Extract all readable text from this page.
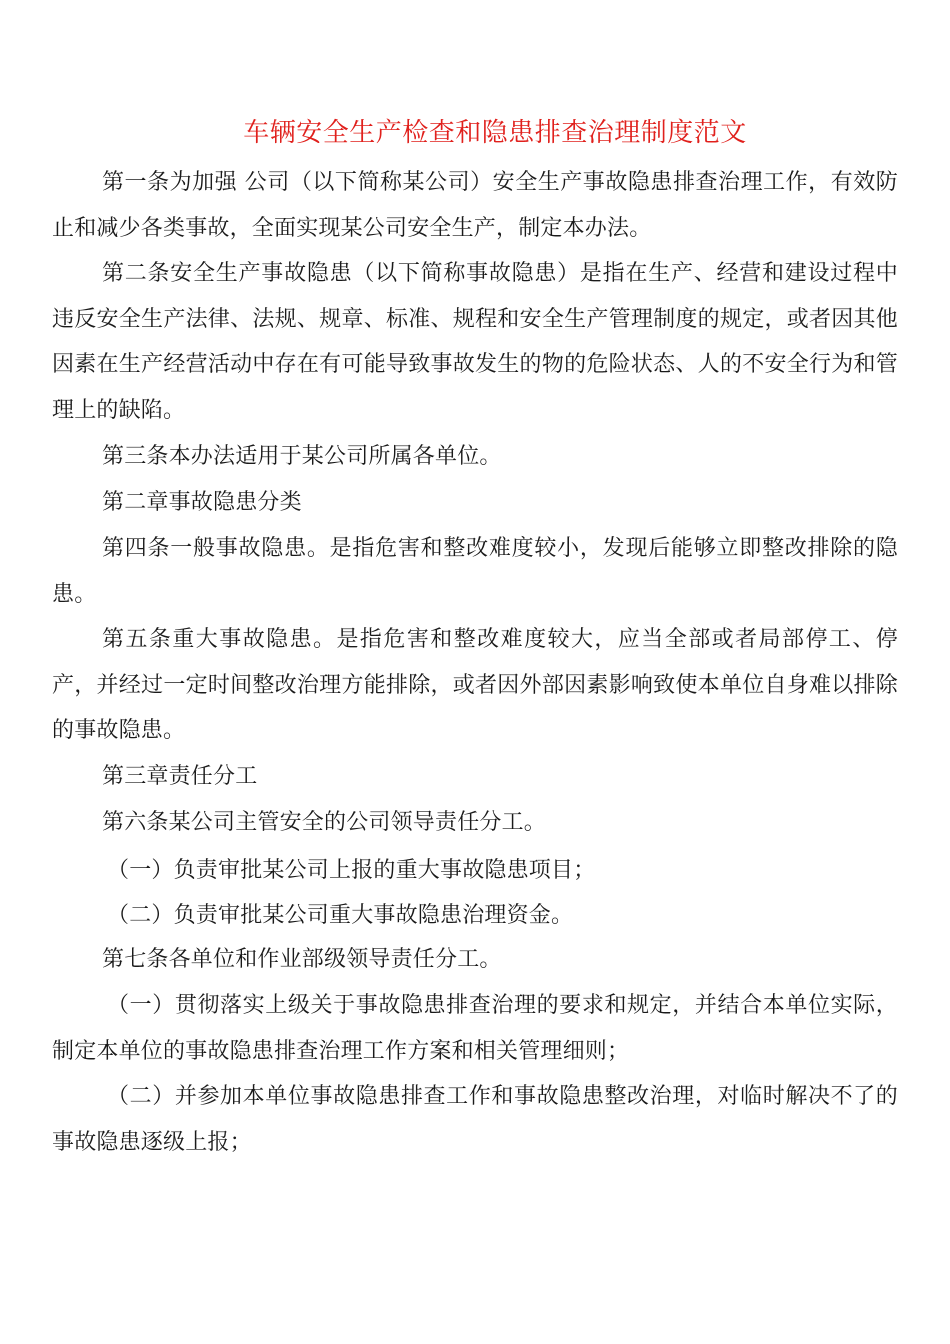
车辆安全生产检查和隐患排查治理制度范文

第一条为加强 公司（以下简称某公司）安全生产事故隐患排查治理工作，有效防止和减少各类事故，全面实现某公司安全生产，制定本办法。

第二条安全生产事故隐患（以下简称事故隐患）是指在生产、经营和建设过程中违反安全生产法律、法规、规章、标准、规程和安全生产管理制度的规定，或者因其他因素在生产经营活动中存在有可能导致事故发生的物的危险状态、人的不安全行为和管理上的缺陷。

第三条本办法适用于某公司所属各单位。

第二章事故隐患分类

第四条一般事故隐患。是指危害和整改难度较小，发现后能够立即整改排除的隐患。

第五条重大事故隐患。是指危害和整改难度较大，应当全部或者局部停工、停产，并经过一定时间整改治理方能排除，或者因外部因素影响致使本单位自身难以排除的事故隐患。

第三章责任分工

第六条某公司主管安全的公司领导责任分工。

（一）负责审批某公司上报的重大事故隐患项目；

（二）负责审批某公司重大事故隐患治理资金。

第七条各单位和作业部级领导责任分工。

（一）贯彻落实上级关于事故隐患排查治理的要求和规定，并结合本单位实际，制定本单位的事故隐患排查治理工作方案和相关管理细则；

（二）并参加本单位事故隐患排查工作和事故隐患整改治理，对临时解决不了的事故隐患逐级上报；
